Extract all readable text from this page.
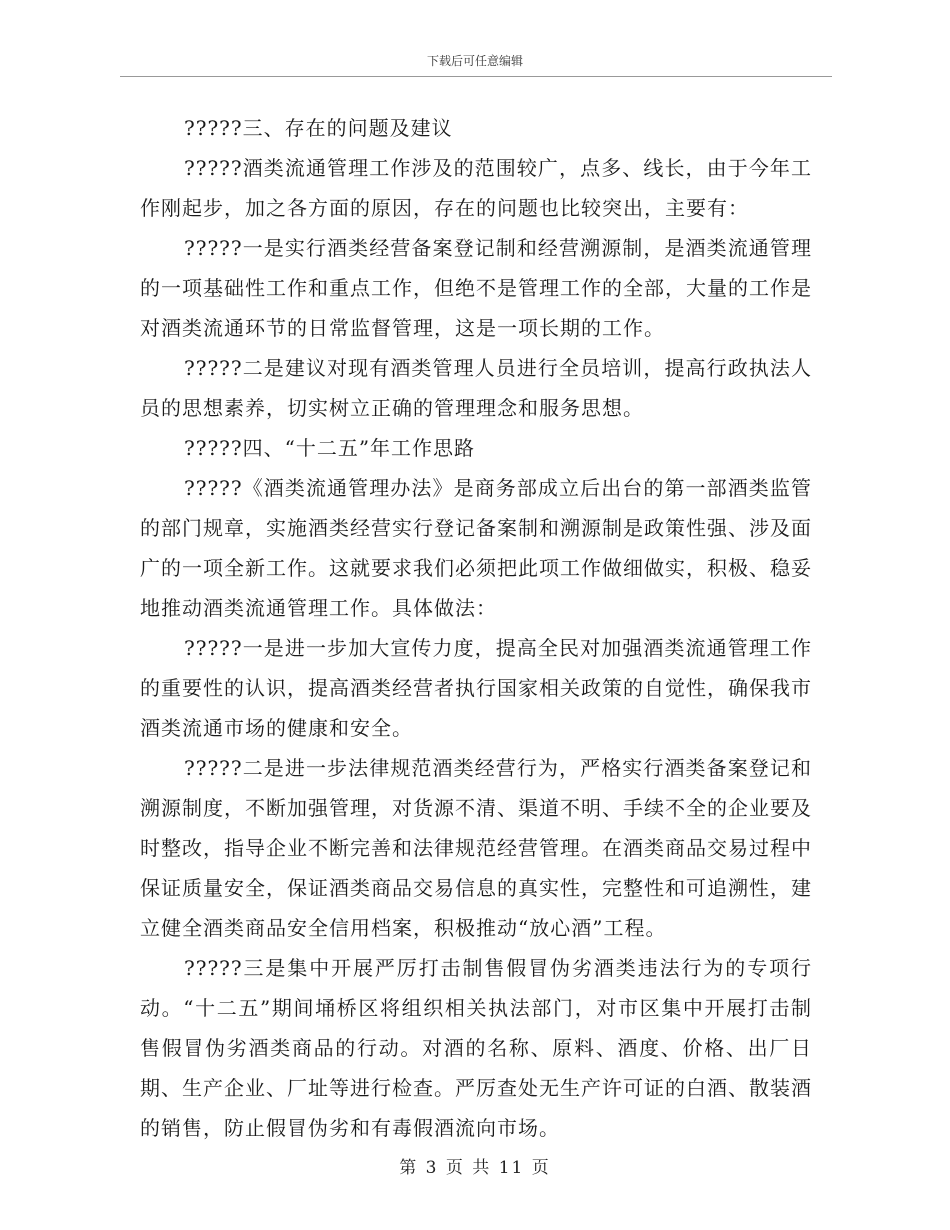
下载后可任意编辑

?????三、存在的问题及建议

?????酒类流通管理工作涉及的范围较广，点多、线长，由于今年工作刚起步，加之各方面的原因，存在的问题也比较突出，主要有：

?????一是实行酒类经营备案登记制和经营溯源制，是酒类流通管理的一项基础性工作和重点工作，但绝不是管理工作的全部，大量的工作是对酒类流通环节的日常监督管理，这是一项长期的工作。

?????二是建议对现有酒类管理人员进行全员培训，提高行政执法人员的思想素养，切实树立正确的管理理念和服务思想。

?????四、“十二五”年工作思路

?????《酒类流通管理办法》是商务部成立后出台的第一部酒类监管的部门规章，实施酒类经营实行登记备案制和溯源制是政策性强、涉及面广的一项全新工作。这就要求我们必须把此项工作做细做实，积极、稳妥地推动酒类流通管理工作。具体做法：

?????一是进一步加大宣传力度，提高全民对加强酒类流通管理工作的重要性的认识，提高酒类经营者执行国家相关政策的自觉性，确保我市酒类流通市场的健康和安全。

?????二是进一步法律规范酒类经营行为，严格实行酒类备案登记和溯源制度，不断加强管理，对货源不清、渠道不明、手续不全的企业要及时整改，指导企业不断完善和法律规范经营管理。在酒类商品交易过程中保证质量安全，保证酒类商品交易信息的真实性，完整性和可追溯性，建立健全酒类商品安全信用档案，积极推动“放心酒”工程。

?????三是集中开展严厉打击制售假冒伪劣酒类违法行为的专项行动。“十二五”期间埇桥区将组织相关执法部门，对市区集中开展打击制售假冒伪劣酒类商品的行动。对酒的名称、原料、酒度、价格、出厂日期、生产企业、厂址等进行检查。严厉查处无生产许可证的白酒、散装酒的销售，防止假冒伪劣和有毒假酒流向市场。

第 3 页 共 11 页
